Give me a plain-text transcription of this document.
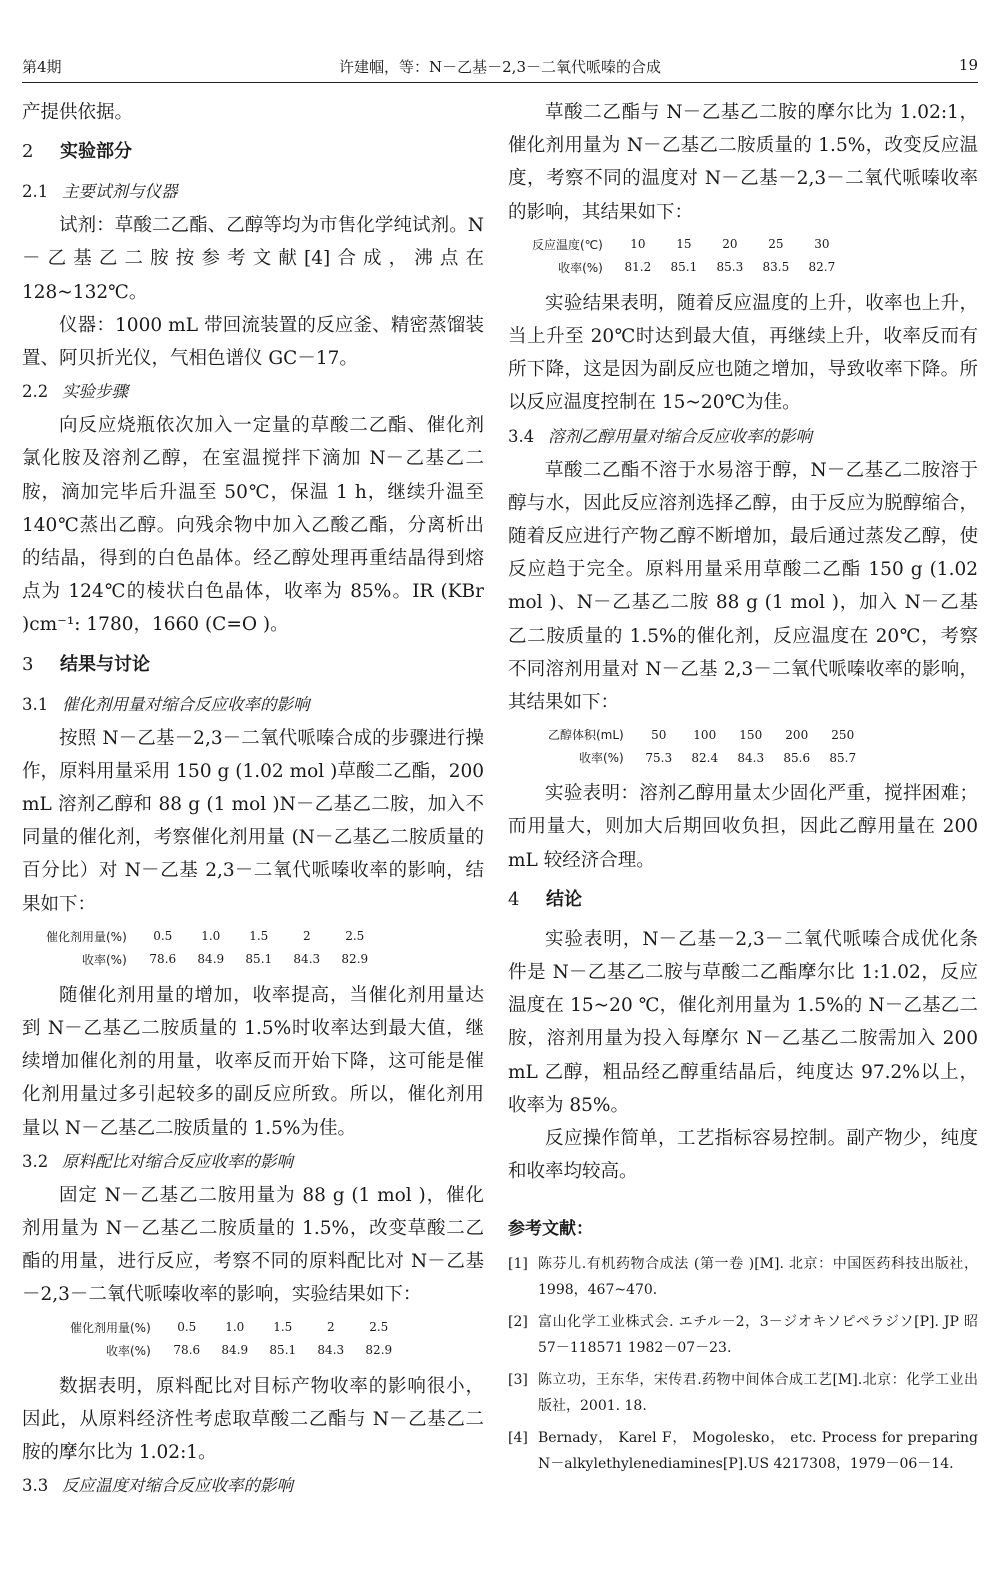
第4期	许建帼，等：N－乙基－2,3－二氧代哌嗪的合成	19

产提供依据。

2 实验部分
2.1 主要试剂与仪器

试剂：草酸二乙酯、乙醇等均为市售化学纯试剂。N－乙基乙二胺按参考文献[4]合成，沸点在 128~132℃。

仪器：1000 mL 带回流装置的反应釜、精密蒸馏装置、阿贝折光仪，气相色谱仪 GC－17。

2.2 实验步骤

向反应烧瓶依次加入一定量的草酸二乙酯、催化剂氯化胺及溶剂乙醇，在室温搅拌下滴加 N－乙基乙二胺，滴加完毕后升温至 50℃，保温 1 h，继续升温至 140℃蒸出乙醇。向残余物中加入乙酸乙酯，分离析出的结晶，得到的白色晶体。经乙醇处理再重结晶得到熔点为 124℃的棱状白色晶体，收率为 85%。IR (KBr )cm⁻¹: 1780，1660 (C=O )。

3 结果与讨论
3.1 催化剂用量对缩合反应收率的影响

按照 N－乙基－2,3－二氧代哌嗪合成的步骤进行操作，原料用量采用 150 g (1.02 mol )草酸二乙酯，200 mL 溶剂乙醇和 88 g (1 mol )N－乙基乙二胺，加入不同量的催化剂，考察催化剂用量 (N－乙基乙二胺质量的百分比）对 N－乙基 2,3－二氧代哌嗪收率的影响，结果如下：

催化剂用量(%)	0.5	1.0	1.5	2	2.5
收率(%)	78.6	84.9	85.1	84.3	82.9

随催化剂用量的增加，收率提高，当催化剂用量达到 N－乙基乙二胺质量的 1.5%时收率达到最大值，继续增加催化剂的用量，收率反而开始下降，这可能是催化剂用量过多引起较多的副反应所致。所以，催化剂用量以 N－乙基乙二胺质量的 1.5%为佳。

3.2 原料配比对缩合反应收率的影响

固定 N－乙基乙二胺用量为 88 g (1 mol )，催化剂用量为 N－乙基乙二胺质量的 1.5%，改变草酸二乙酯的用量，进行反应，考察不同的原料配比对 N－乙基－2,3－二氧代哌嗪收率的影响，实验结果如下：

催化剂用量(%)	0.5	1.0	1.5	2	2.5
收率(%)	78.6	84.9	85.1	84.3	82.9

数据表明，原料配比对目标产物收率的影响很小，因此，从原料经济性考虑取草酸二乙酯与 N－乙基乙二胺的摩尔比为 1.02:1。

3.3 反应温度对缩合反应收率的影响

草酸二乙酯与 N－乙基乙二胺的摩尔比为 1.02:1，催化剂用量为 N－乙基乙二胺质量的 1.5%，改变反应温度，考察不同的温度对 N－乙基－2,3－二氧代哌嗪收率的影响，其结果如下：

反应温度(℃)	10	15	20	25	30
收率(%)	81.2	85.1	85.3	83.5	82.7

实验结果表明，随着反应温度的上升，收率也上升，当上升至 20℃时达到最大值，再继续上升，收率反而有所下降，这是因为副反应也随之增加，导致收率下降。所以反应温度控制在 15~20℃为佳。

3.4 溶剂乙醇用量对缩合反应收率的影响

草酸二乙酯不溶于水易溶于醇，N－乙基乙二胺溶于醇与水，因此反应溶剂选择乙醇，由于反应为脱醇缩合，随着反应进行产物乙醇不断增加，最后通过蒸发乙醇，使反应趋于完全。原料用量采用草酸二乙酯 150 g (1.02 mol )、N－乙基乙二胺 88 g (1 mol )，加入 N－乙基乙二胺质量的 1.5%的催化剂，反应温度在 20℃，考察不同溶剂用量对 N－乙基 2,3－二氧代哌嗪收率的影响，其结果如下：

乙醇体积(mL)	50	100	150	200	250
收率(%)	75.3	82.4	84.3	85.6	85.7

实验表明：溶剂乙醇用量太少固化严重，搅拌困难；而用量大，则加大后期回收负担，因此乙醇用量在 200 mL 较经济合理。

4 结论

实验表明，N－乙基－2,3－二氧代哌嗪合成优化条件是 N－乙基乙二胺与草酸二乙酯摩尔比 1:1.02，反应温度在 15~20 ℃，催化剂用量为 1.5%的 N－乙基乙二胺，溶剂用量为投入每摩尔 N－乙基乙二胺需加入 200 mL 乙醇，粗品经乙醇重结晶后，纯度达 97.2%以上，收率为 85%。

反应操作简单，工艺指标容易控制。副产物少，纯度和收率均较高。

参考文献：
[1] 陈芬儿.有机药物合成法 (第一卷 )[M]. 北京：中国医药科技出版社，1998，467~470.
[2] 富山化学工业株式会. エチル－2，3－ジオキソピペラジソ[P]. JP 昭 57－118571 1982－07－23.
[3] 陈立功，王东华，宋传君.药物中间体合成工艺[M].北京：化学工业出版社，2001. 18.
[4] Bernady， Karel F， Mogolesko， etc. Process for preparing N－alkylethylenediamines[P].US 4217308，1979－06－14.
